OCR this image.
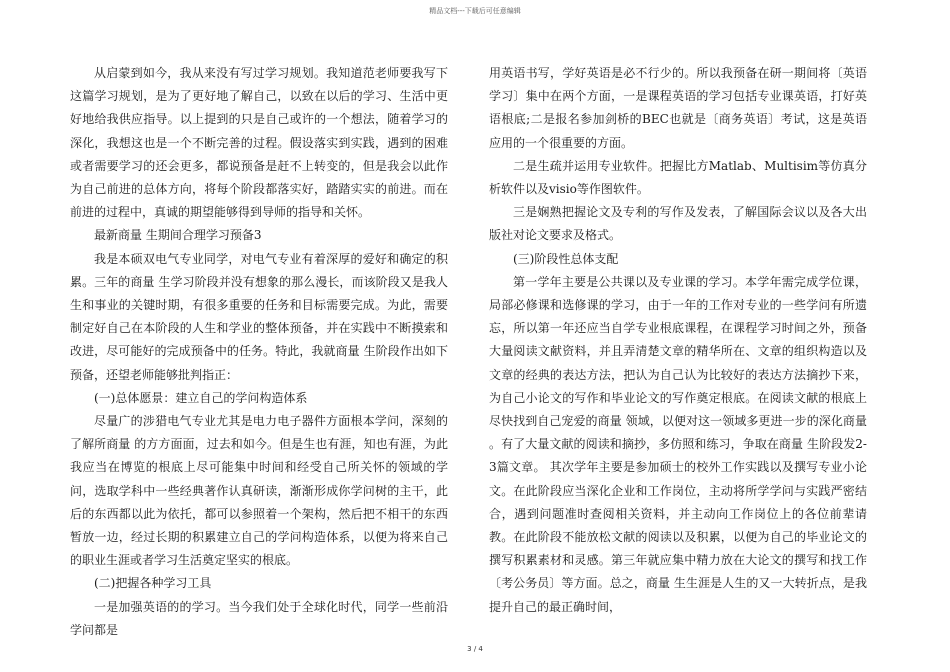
精品文档---下载后可任意编辑

从启蒙到如今，我从来没有写过学习规划。我知道范老师要我写下这篇学习规划，是为了更好地了解自己，以致在以后的学习、生活中更好地给我供应指导。以上提到的只是自己或许的一个想法，随着学习的深化，我想这也是一个不断完善的过程。假设落实到实践，遇到的困难或者需要学习的还会更多，都说预备是赶不上转变的，但是我会以此作为自己前进的总体方向，将每个阶段都落实好，踏踏实实的前进。而在前进的过程中，真诚的期望能够得到导师的指导和关怀。

最新商量 生期间合理学习预备3

我是本硕双电气专业同学，对电气专业有着深厚的爱好和确定的积累。三年的商量 生学习阶段并没有想象的那么漫长，而该阶段又是我人生和事业的关键时期，有很多重要的任务和目标需要完成。为此，需要制定好自己在本阶段的人生和学业的整体预备，并在实践中不断摸索和改进，尽可能好的完成预备中的任务。特此，我就商量 生阶段作出如下预备，还望老师能够批判指正：

(一)总体愿景：建立自己的学问构造体系

尽量广的涉猎电气专业尤其是电力电子器件方面根本学问，深刻的了解所商量 的方方面面，过去和如今。但是生也有涯，知也有涯，为此我应当在博览的根底上尽可能集中时间和经受自己所关怀的领域的学问，选取学科中一些经典著作认真研读，渐渐形成你学问树的主干，此后的东西都以此为依托，都可以参照着一个架构，然后把不相干的东西暂放一边，经过长期的积累建立自己的学问构造体系，以便为将来自己的职业生涯或者学习生活奠定坚实的根底。

(二)把握各种学习工具

一是加强英语的的学习。当今我们处于全球化时代，同学一些前沿学问都是

用英语书写，学好英语是必不行少的。所以我预备在研一期间将〔英语学习〕集中在两个方面，一是课程英语的学习包括专业课英语，打好英语根底;二是报名参加剑桥的BEC也就是〔商务英语〕考试，这是英语应用的一个很重要的方面。

二是生疏并运用专业软件。把握比方Matlab、Multisim等仿真分析软件以及visio等作图软件。

三是娴熟把握论文及专利的写作及发表，了解国际会议以及各大出版社对论文要求及格式。

(三)阶段性总体支配

第一学年主要是公共课以及专业课的学习。本学年需完成学位课，局部必修课和选修课的学习，由于一年的工作对专业的一些学问有所遗忘，所以第一年还应当自学专业根底课程，在课程学习时间之外，预备大量阅读文献资料，并且弄清楚文章的精华所在、文章的组织构造以及文章的经典的表达方法，把认为自己认为比较好的表达方法摘抄下来，为自己小论文的写作和毕业论文的写作奠定根底。在阅读文献的根底上尽快找到自己宠爱的商量 领域，以便对这一领域多更进一步的深化商量 。有了大量文献的阅读和摘抄，多仿照和练习，争取在商量 生阶段发2-3篇文章。 其次学年主要是参加硕士的校外工作实践以及撰写专业小论文。在此阶段应当深化企业和工作岗位，主动将所学学问与实践严密结合，遇到问题准时查阅相关资料，并主动向工作岗位上的各位前辈请教。在此阶段不能放松文献的阅读以及积累，以便为自己的毕业论文的撰写积累素材和灵感。第三年就应集中精力放在大论文的撰写和找工作〔考公务员〕等方面。总之，商量 生生涯是人生的又一大转折点，是我提升自己的最正确时间，

3 / 4
